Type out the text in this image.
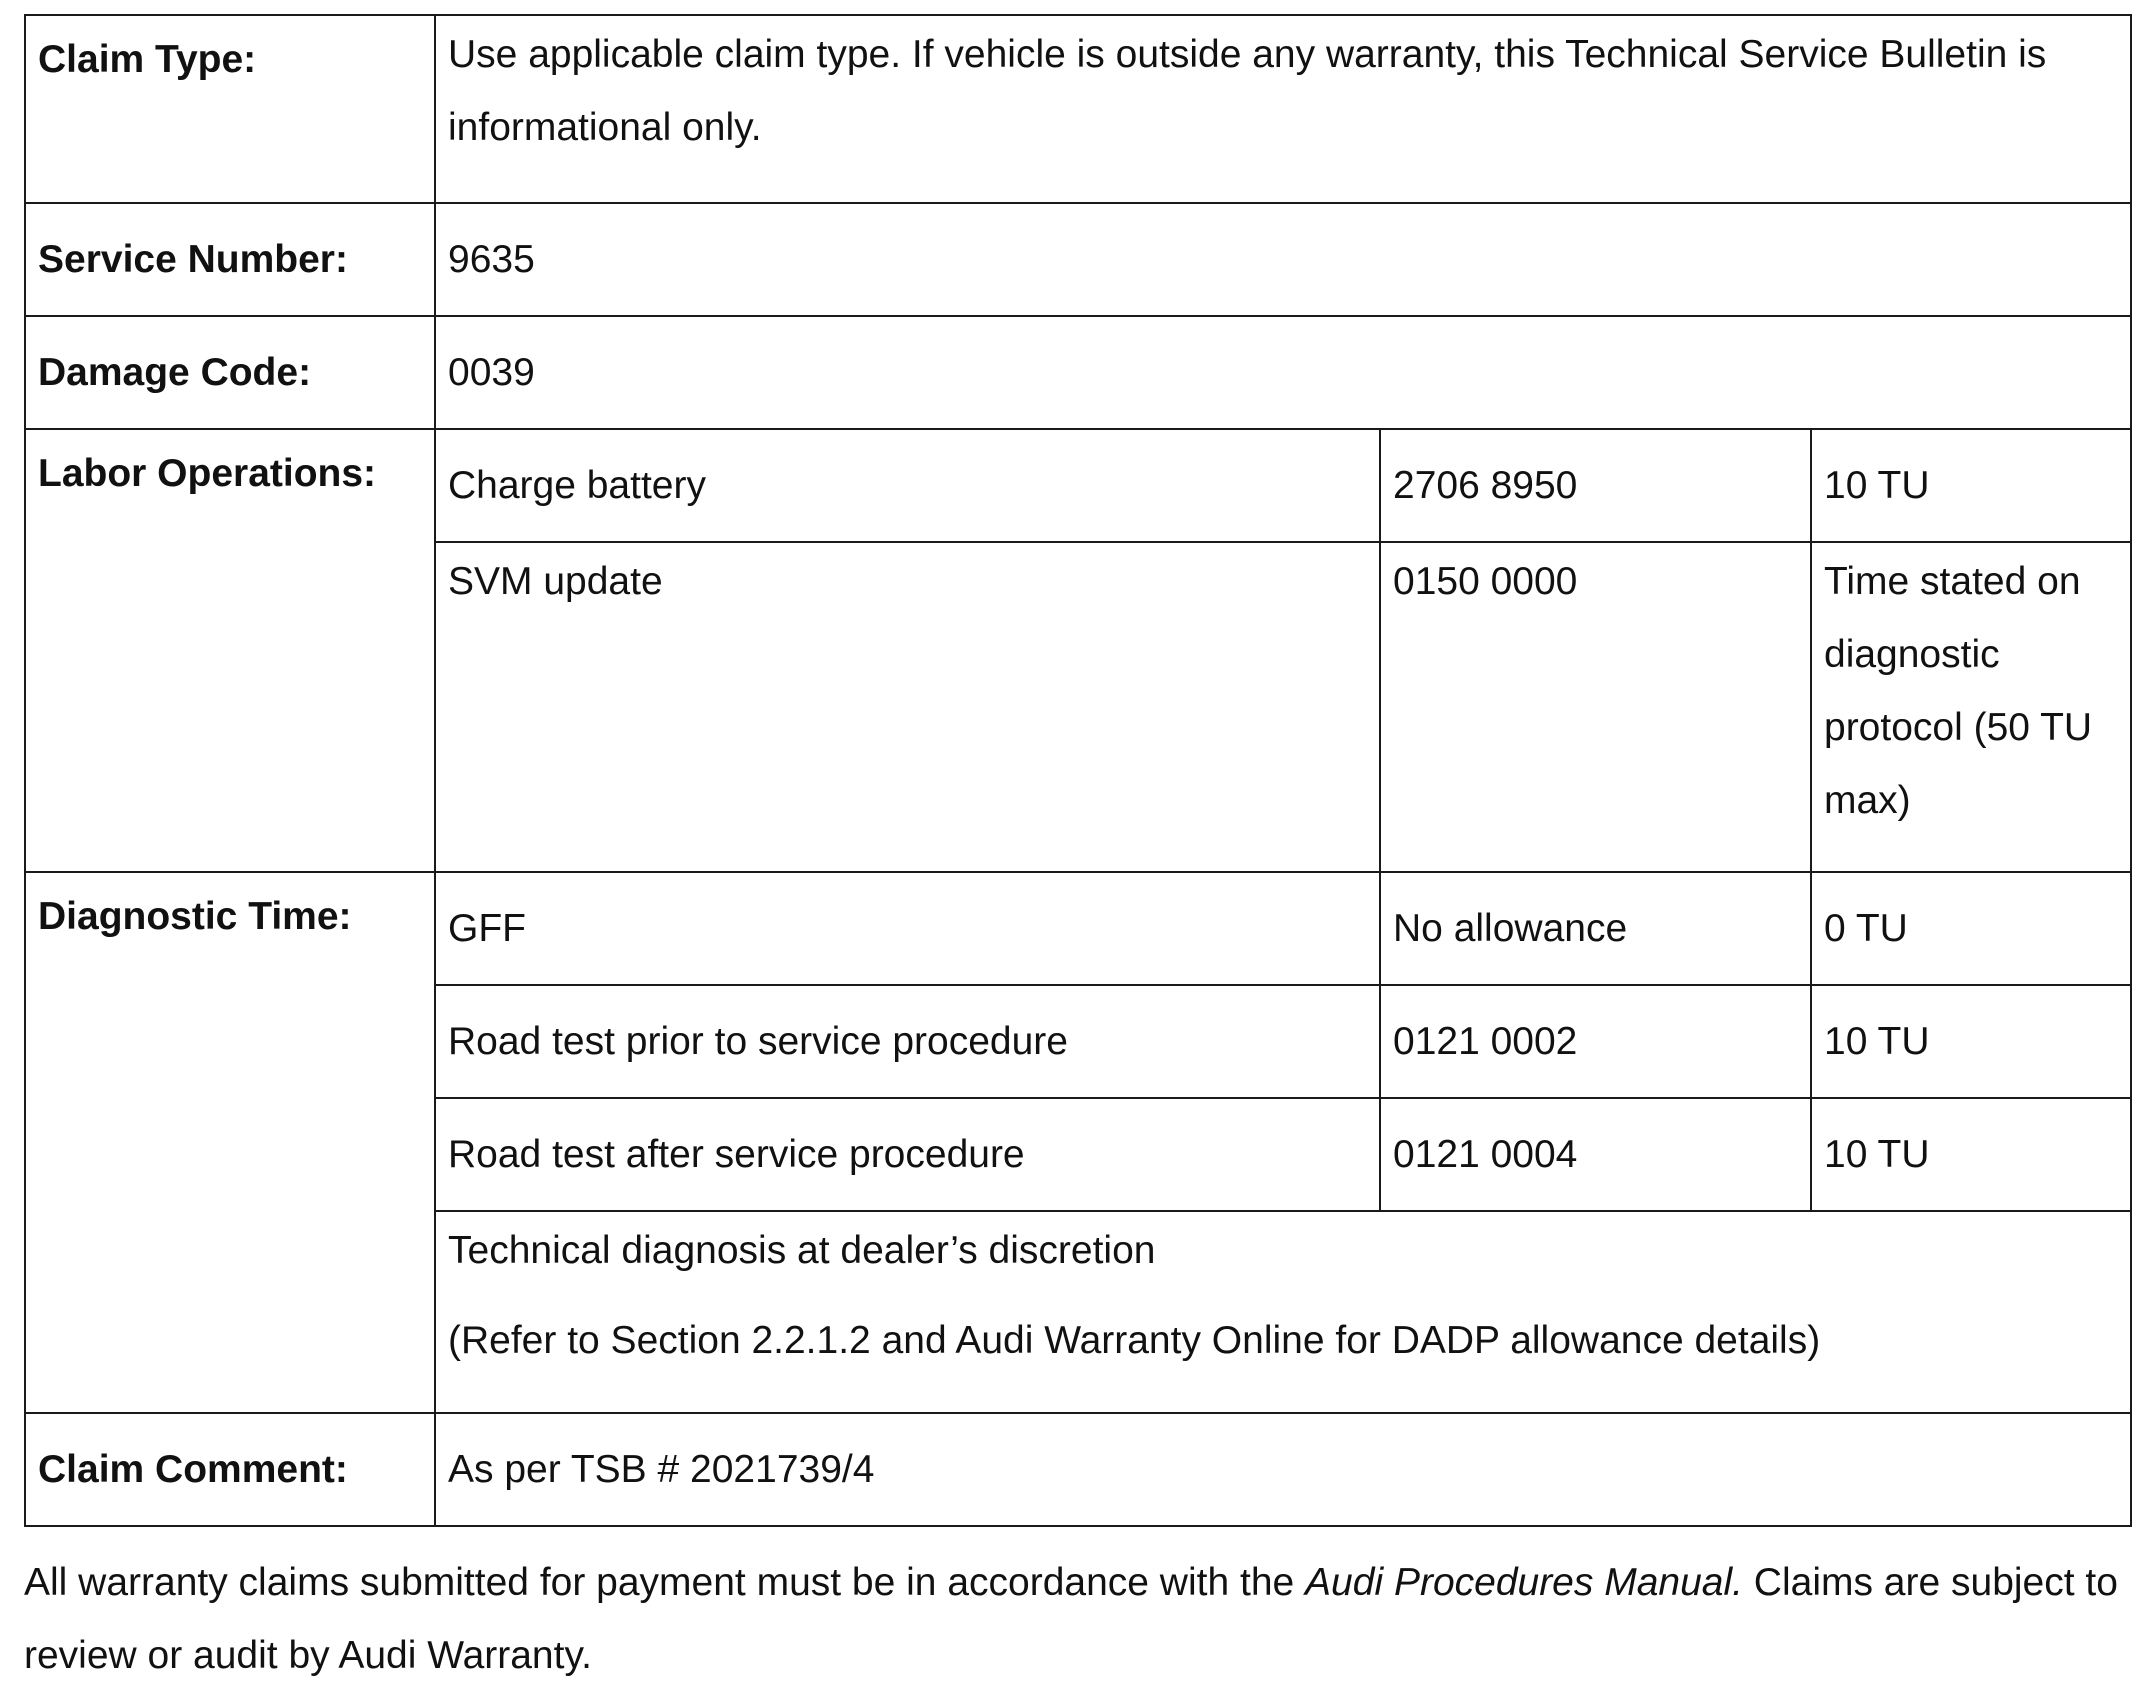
Claim Type:	Use applicable claim type. If vehicle is outside any warranty, this Technical Service Bulletin is informational only.		
Service Number:	9635		
Damage Code:	0039		
Labor Operations:	Charge battery	2706 8950	10 TU
	SVM update	0150 0000	Time stated on diagnostic protocol (50 TU max)
Diagnostic Time:	GFF	No allowance	0 TU
	Road test prior to service procedure	0121 0002	10 TU
	Road test after service procedure	0121 0004	10 TU

	Technical diagnosis at dealer’s discretion
(Refer to Section 2.2.1.2 and Audi Warranty Online for DADP allowance details)		

Claim Comment:	As per TSB # 2021739/4		

All warranty claims submitted for payment must be in accordance with the Audi Procedures Manual. Claims are subject to review or audit by Audi Warranty.
